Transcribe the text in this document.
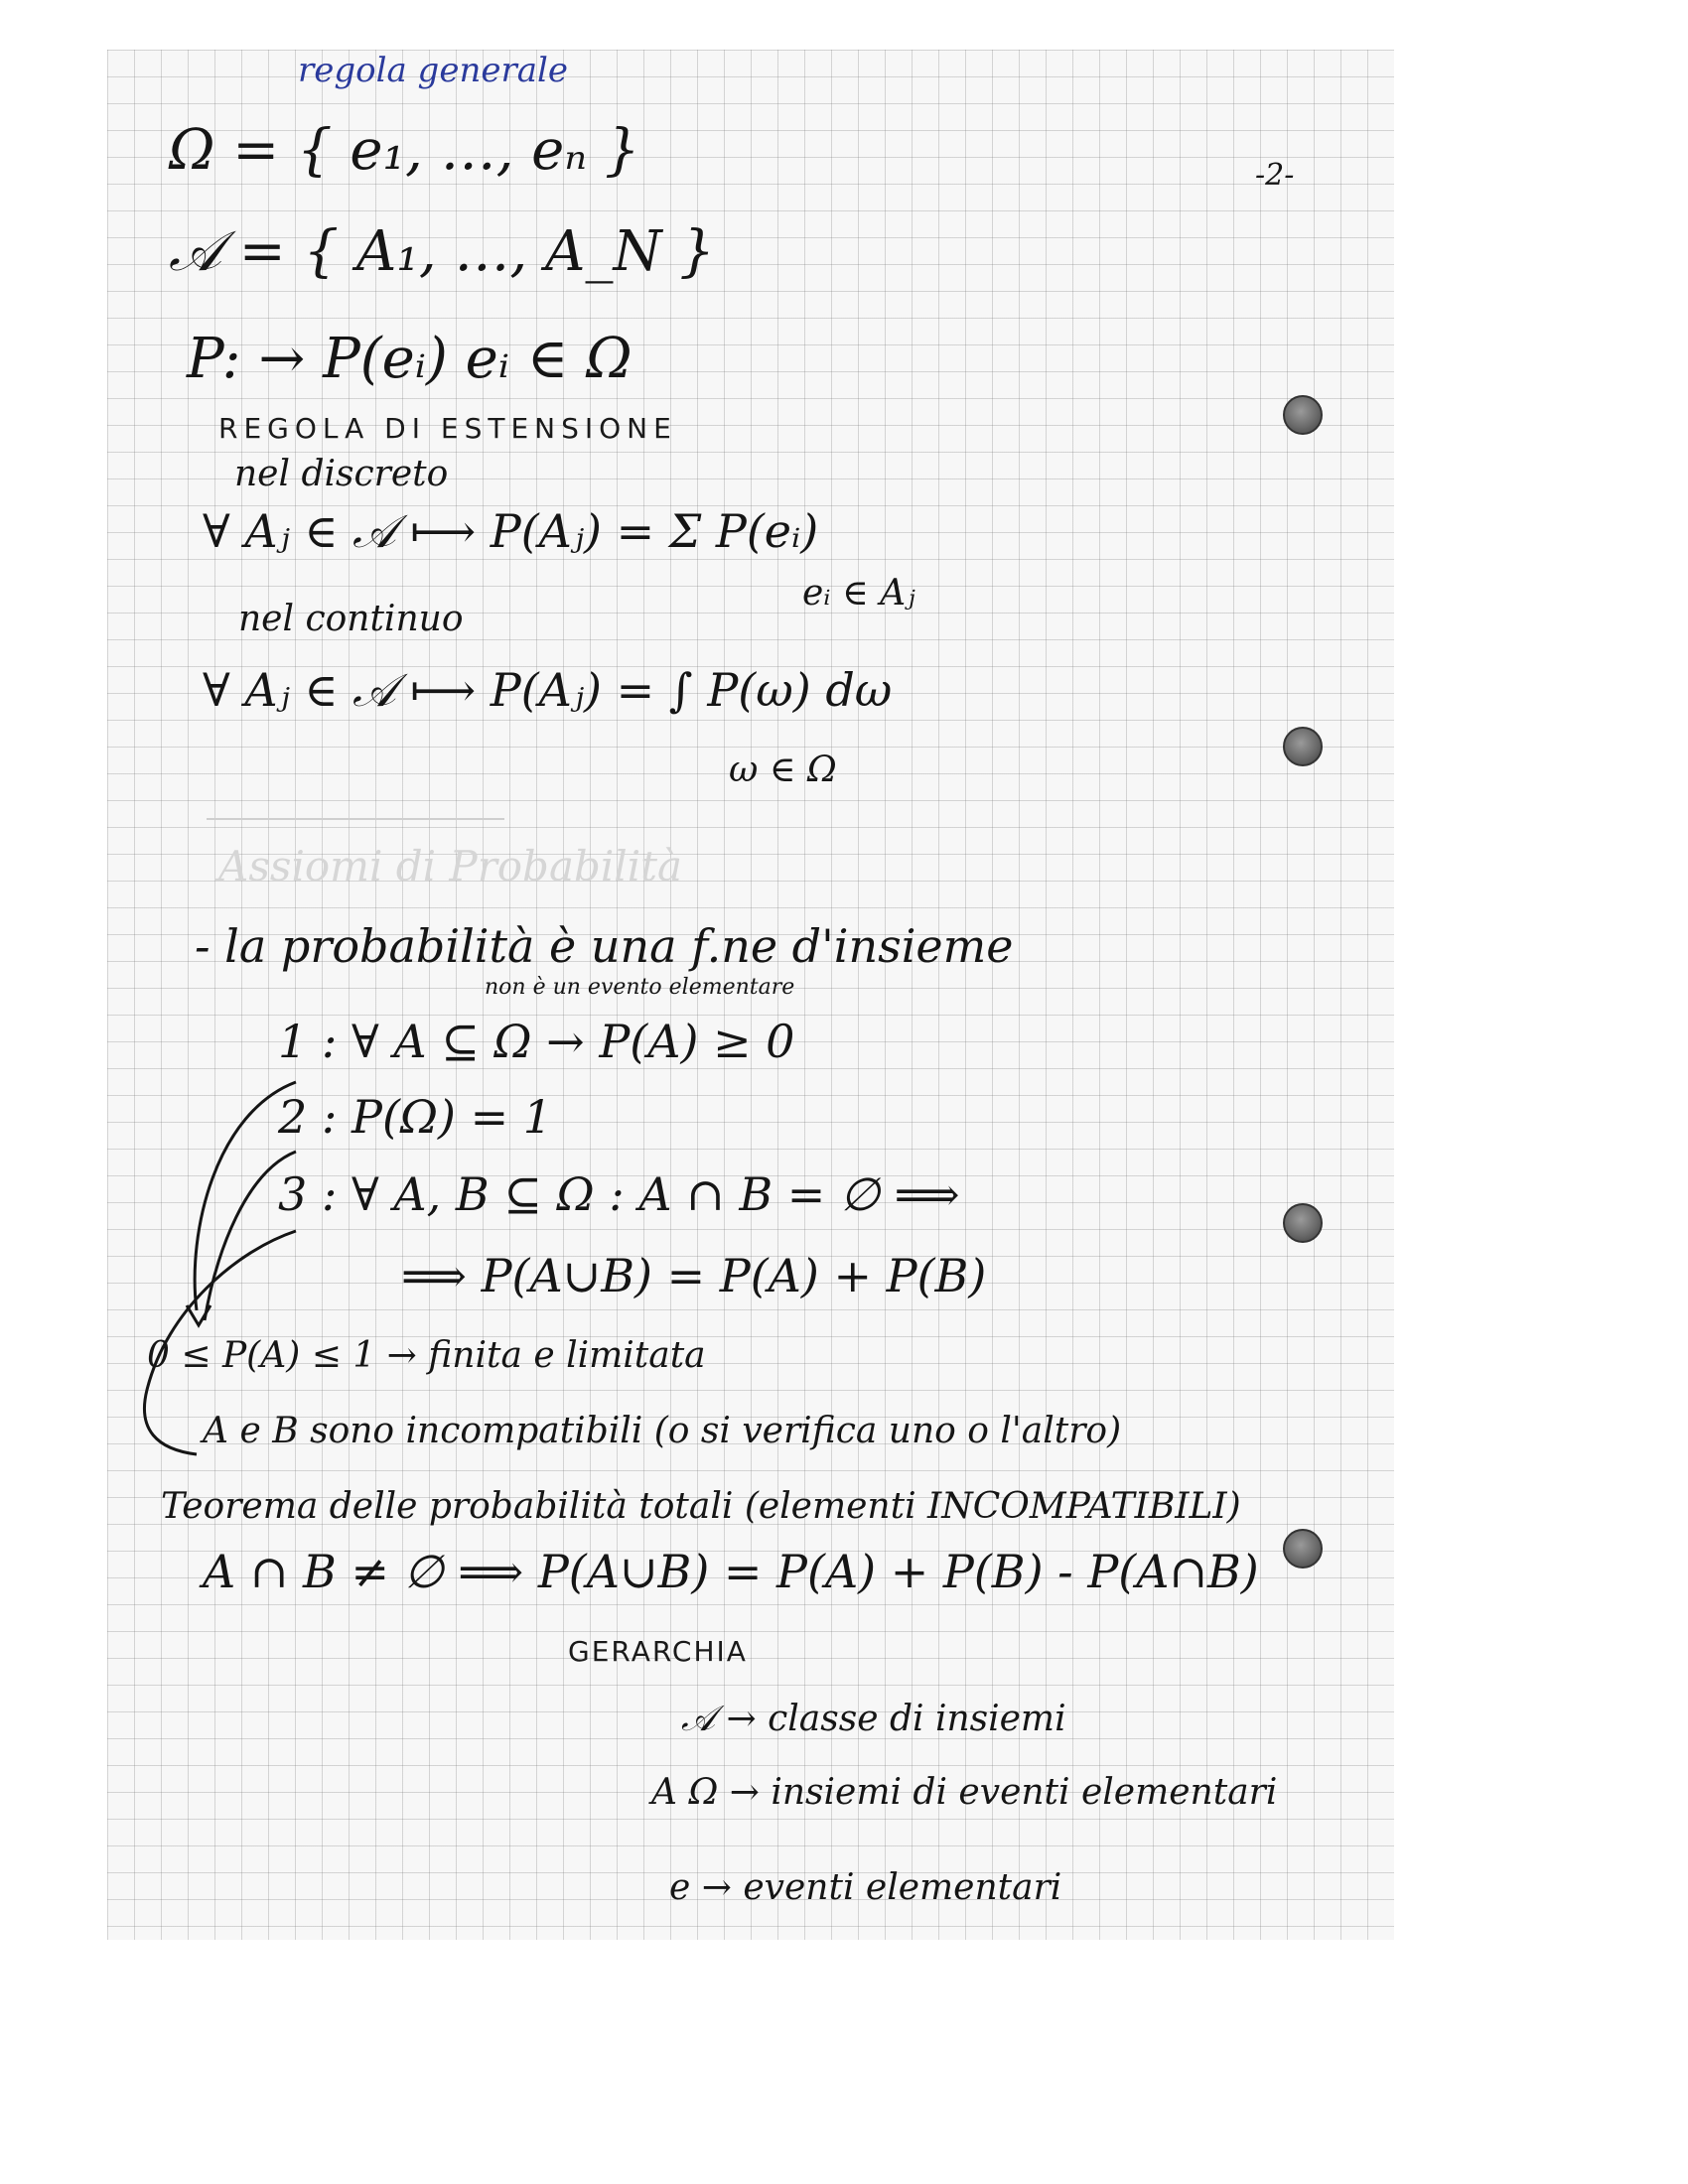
regola generale
-2-
Ω = { e₁, …, eₙ }
𝒜 = { A₁, …, A_N }
P: → P(eᵢ) eᵢ ∈ Ω
REGOLA DI ESTENSIONE
nel discreto
∀ Aⱼ ∈ 𝒜 ⟼ P(Aⱼ) = Σ P(eᵢ)
eᵢ ∈ Aⱼ
nel continuo
∀ Aⱼ ∈ 𝒜 ⟼ P(Aⱼ) = ∫ P(ω) dω
ω ∈ Ω
Assiomi di Probabilità
- la probabilità è una f.ne d'insieme
non è un evento elementare
1 : ∀ A ⊆ Ω → P(A) ≥ 0
2 : P(Ω) = 1
3 : ∀ A, B ⊆ Ω : A ∩ B = ∅ ⟹
⟹ P(A∪B) = P(A) + P(B)
0 ≤ P(A) ≤ 1 → finita e limitata
A e B sono incompatibili (o si verifica uno o l'altro)
Teorema delle probabilità totali (elementi INCOMPATIBILI)
A ∩ B ≠ ∅ ⟹ P(A∪B) = P(A) + P(B) - P(A∩B)
GERARCHIA
𝒜 → classe di insiemi
A Ω → insiemi di eventi elementari
e → eventi elementari
